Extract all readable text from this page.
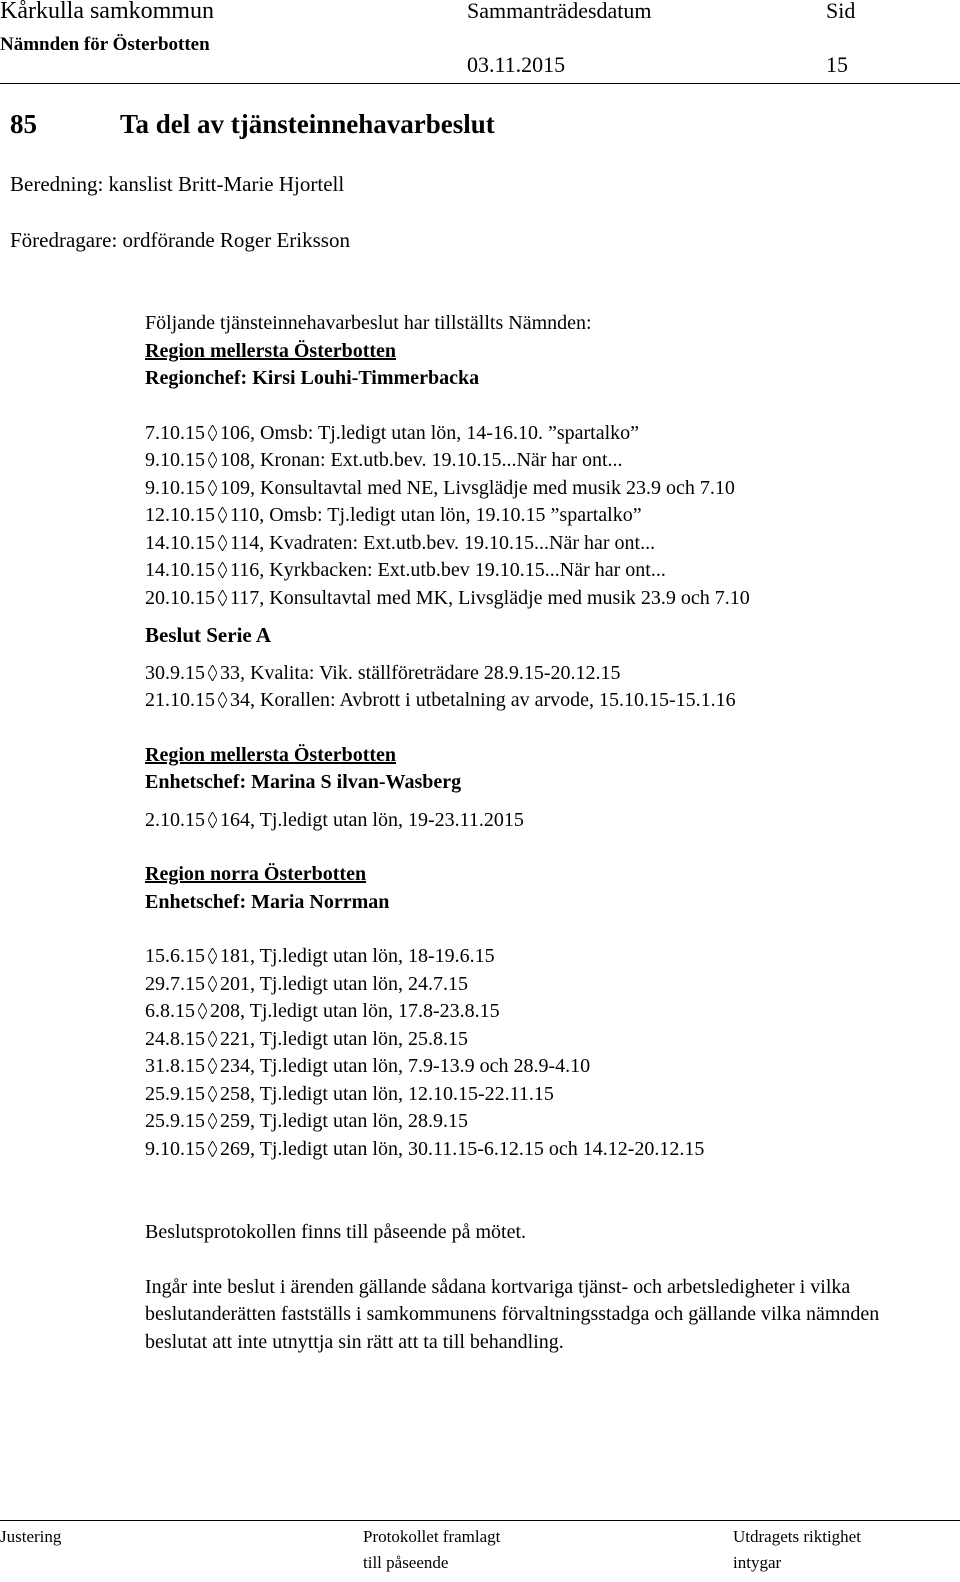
Kårkulla samkommun
Nämnden för Österbotten
Sammanträdesdatum
03.11.2015
Sid
15
85	Ta del av tjänsteinnehavarbeslut
Beredning: kanslist Britt-Marie Hjortell
Föredragare: ordförande Roger Eriksson
Följande tjänsteinnehavarbeslut har tillställts Nämnden:
Region mellersta Österbotten
Regionchef: Kirsi Louhi-Timmerbacka
7.10.15 106, Omsb: Tj.ledigt utan lön, 14-16.10. ”spartalko”
9.10.15 108, Kronan: Ext.utb.bev. 19.10.15...När har ont...
9.10.15 109, Konsultavtal med NE, Livsglädje med musik 23.9 och 7.10
12.10.15 110, Omsb: Tj.ledigt utan lön, 19.10.15 ”spartalko”
14.10.15 114, Kvadraten: Ext.utb.bev. 19.10.15...När har ont...
14.10.15 116, Kyrkbacken: Ext.utb.bev 19.10.15...När har ont...
20.10.15 117, Konsultavtal med MK, Livsglädje med musik 23.9 och 7.10
Beslut Serie A
30.9.15 33, Kvalita: Vik. ställföreträdare 28.9.15-20.12.15
21.10.15 34, Korallen: Avbrott i utbetalning av arvode, 15.10.15-15.1.16
Region mellersta Österbotten
Enhetschef: Marina S ilvan-Wasberg
2.10.15 164, Tj.ledigt utan lön, 19-23.11.2015
Region norra Österbotten
Enhetschef: Maria Norrman
15.6.15 181, Tj.ledigt utan lön, 18-19.6.15
29.7.15 201, Tj.ledigt utan lön, 24.7.15
6.8.15 208, Tj.ledigt utan lön, 17.8-23.8.15
24.8.15 221, Tj.ledigt utan lön, 25.8.15
31.8.15 234, Tj.ledigt utan lön, 7.9-13.9 och 28.9-4.10
25.9.15 258, Tj.ledigt utan lön, 12.10.15-22.11.15
25.9.15 259, Tj.ledigt utan lön, 28.9.15
9.10.15 269, Tj.ledigt utan lön, 30.11.15-6.12.15 och 14.12-20.12.15
Beslutsprotokollen finns till påseende på mötet.
Ingår inte beslut i ärenden gällande sådana kortvariga tjänst- och arbetsledigheter i vilka beslutanderätten fastställs i samkommunens förvaltningsstadga och gällande vilka nämnden beslutat att inte utnyttja sin rätt att ta till behandling.
Justering	Protokollet framlagt
till påseende
Utdragets riktighet
intygar
